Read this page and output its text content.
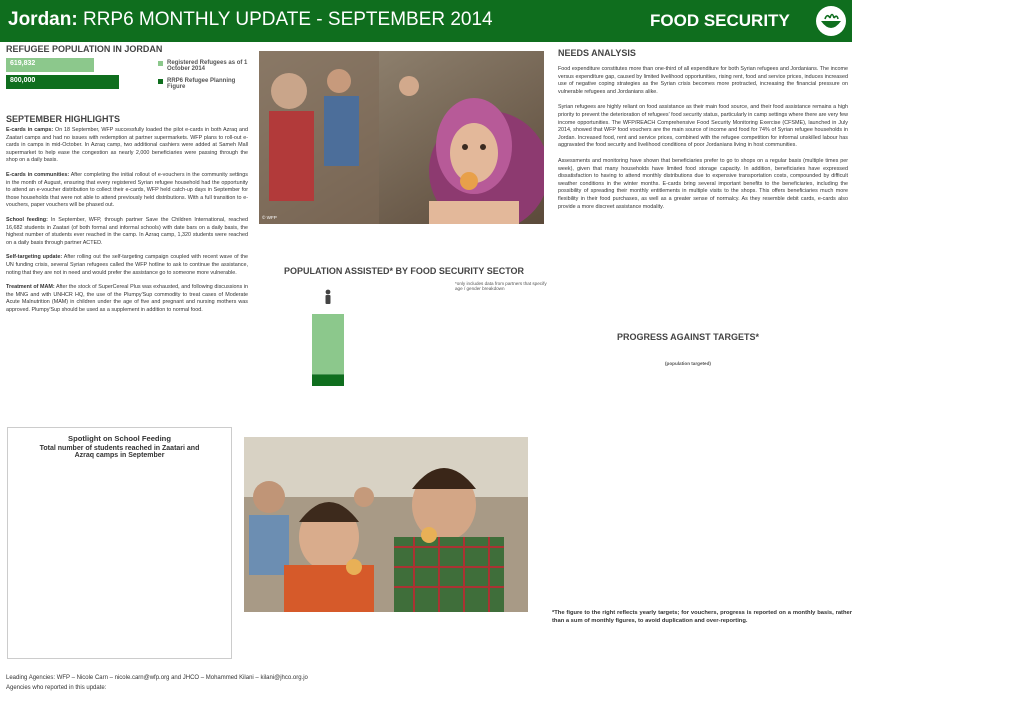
Jordan: RRP6 MONTHLY UPDATE - SEPTEMBER 2014	FOOD SECURITY
REFUGEE POPULATION IN JORDAN
619,832
800,000
Registered Refugees as of 1 October 2014
RRP6 Refugee Planning Figure
SEPTEMBER HIGHLIGHTS
E-cards in camps: On 18 September, WFP successfully loaded the pilot e-cards in both Azraq and Zaatari camps and had no issues with redemption at partner supermarkets. WFP plans to roll-out e-cards in camps in mid-October. In Azraq camp, two additional cashiers were added at Sameh Mall supermarket to help ease the congestion as nearly 2,000 beneficiaries were passing through the shop on a daily basis.
E-cards in communities: After completing the initial rollout of e-vouchers in the community settings in the month of August, ensuring that every registered Syrian refugee household had the opportunity to attend an e-voucher distribution to collect their e-cards, WFP held catch-up days in September for those households that were not able to attend previously held distributions. With a full transition to e-vouchers, paper vouchers will be phased out.
School feeding: In September, WFP, through partner Save the Children International, reached 16,682 students in Zaatari (of both formal and informal schools) with date bars on a daily basis, the highest number of students ever reached in the camp. In Azraq camp, 1,320 students were reached on a daily basis through partner ACTED.
Self-targeting update: After rolling out the self-targeting campaign coupled with recent wave of the UN funding crisis, several Syrian refugees called the WFP hotline to ask to continue the assistance, noting that they are not in need and would prefer the assistance go to someone more vulnerable.
Treatment of MAM: After the stock of SuperCereal Plus was exhausted, and following discussions in the MNG and with UNHCR HQ, the use of the Plumpy'Sup commodity to treat cases of Moderate Acute Malnutrition (MAM) in children under the age of five and pregnant and nursing mothers was approved. Plumpy'Sup should be used as a supplement in addition to normal food.
© WFP
NEEDS ANALYSIS
Food expenditure constitutes more than one-third of all expenditure for both Syrian refugees and Jordanians. The income versus expenditure gap, caused by limited livelihood opportunities, rising rent, food and service prices, induces increased use of negative coping strategies as the Syrian crisis becomes more protracted, increasing the financial pressure on vulnerable refugees and Jordanians alike.
Syrian refugees are highly reliant on food assistance as their main food source, and their food assistance remains a high priority to prevent the deterioration of refugees' food security status, particularly in camp settings where there are very few income opportunities. The WFP/REACH Comprehensive Food Security Monitoring Exercise (CFSME), launched in July 2014, showed that WFP food vouchers are the main source of income and food for 74% of Syrian refugee households in Jordan. Increased food, rent and service prices, combined with the refugee competition for informal unskilled labour has aggravated the food security and livelihood conditions of poor Jordanians living in host communities.
Assessments and monitoring have shown that beneficiaries prefer to go to shops on a regular basis (multiple times per week), given that many households have limited food storage capacity. In addition, beneficiaries have expressed dissatisfaction to having to attend monthly distributions due to expensive transportation costs, compounded by difficult weather conditions in the winter months. E-cards bring several important benefits to the beneficiaries, including the possibility of spreading their monthly entitlements in multiple visits to the shops. This offers beneficiaries much more flexibility in their food purchases, as well as a greater sense of normalcy. As they resemble debit cards, e-cards also provide a more discreet assistance modality.
POPULATION ASSISTED* BY FOOD SECURITY SECTOR
*only includes data from partners that specify age / gender breakdown
Spotlight on School Feeding
Total number of students reached in Zaatari and Azraq camps in September
PROGRESS AGAINST TARGETS*
(population targeted)
*The figure to the right reflects yearly targets; for vouchers, progress is reported on a monthly basis, rather than a sum of monthly figures, to avoid duplication and over-reporting.
Leading Agencies: WFP – Nicole Carn – nicole.carn@wfp.org and JHCO – Mohammed Kilani – kilani@jhco.org.jo
Agencies who reported in this update:
